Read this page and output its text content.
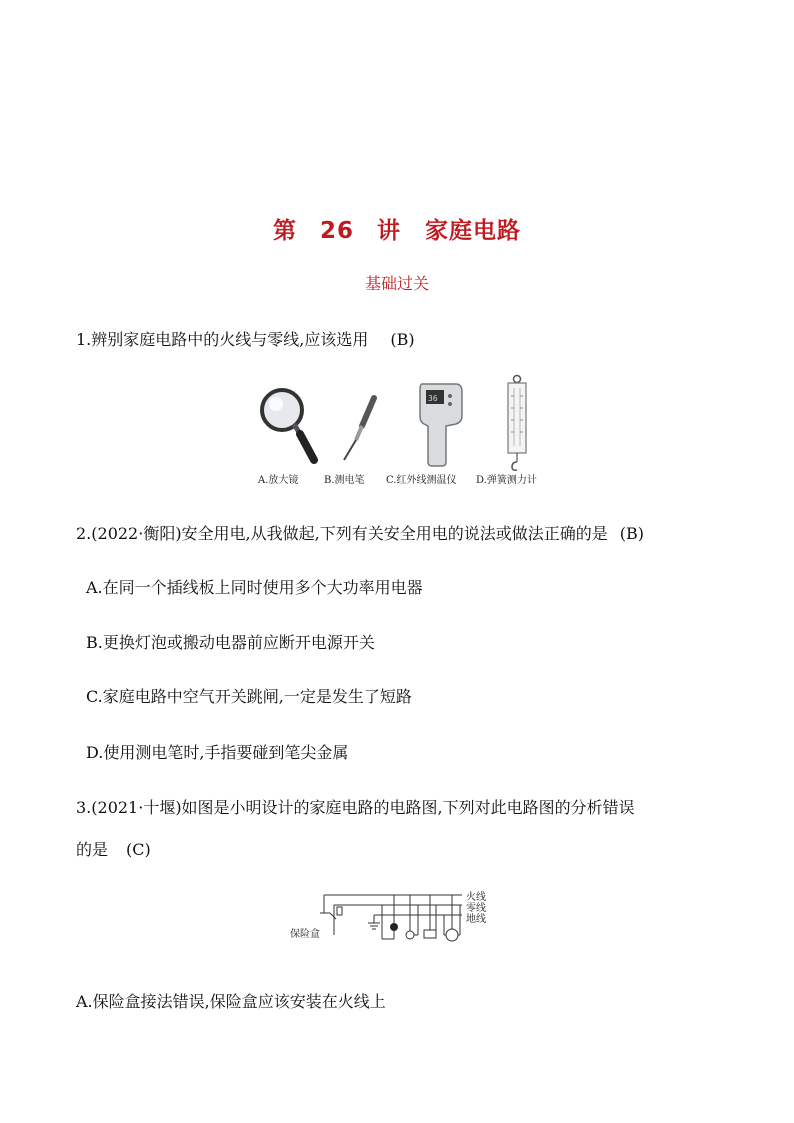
第 26 讲　家庭电路
基础过关
1.辨别家庭电路中的火线与零线,应该选用 (B)
36
A.放大镜	B.测电笔 C.红外线测温仪 D.弹簧测力计
2.(2022·衡阳)安全用电,从我做起,下列有关安全用电的说法或做法正确的是 (B)
A.在同一个插线板上同时使用多个大功率用电器
B.更换灯泡或搬动电器前应断开电源开关
C.家庭电路中空气开关跳闸,一定是发生了短路
D.使用测电笔时,手指要碰到笔尖金属
3.(2021·十堰)如图是小明设计的家庭电路的电路图,下列对此电路图的分析错误
的是 (C)
保险盒
火线
零线
地线
A.保险盒接法错误,保险盒应该安装在火线上
